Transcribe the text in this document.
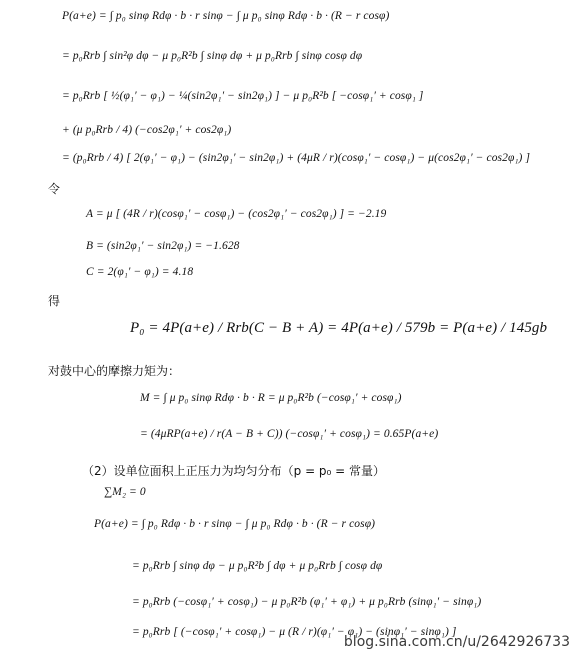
P(a+e) = ∫ p₀ sinφ Rdφ · b · r sinφ − ∫ μ p₀ sinφ Rdφ · b · (R − r cosφ)
= p₀Rrb ∫ sin²φ dφ − μ p₀R²b ∫ sinφ dφ + μ p₀Rrb ∫ sinφ cosφ dφ
= p₀Rrb [ ½(φ₁′ − φ₁) − ¼(sin2φ₁′ − sin2φ₁) ] − μ p₀R²b [ −cosφ₁′ + cosφ₁ ]
+ (μ p₀Rrb / 4) (−cos2φ₁′ + cos2φ₁)
= (p₀Rrb / 4) [ 2(φ₁′ − φ₁) − (sin2φ₁′ − sin2φ₁) + (4μR / r)(cosφ₁′ − cosφ₁) − μ(cos2φ₁′ − cos2φ₁) ]
令
A = μ [ (4R / r)(cosφ₁′ − cosφ₁) − (cos2φ₁′ − cos2φ₁) ] = −2.19
B = (sin2φ₁′ − sin2φ₁) = −1.628
C = 2(φ₁′ − φ₁) = 4.18
得
P₀ = 4P(a+e) / Rrb(C − B + A) = 4P(a+e) / 579b = P(a+e) / 145gb
对鼓中心的摩擦力矩为：
M = ∫ μ p₀ sinφ Rdφ · b · R = μ p₀R²b (−cosφ₁′ + cosφ₁)
= (4μRP(a+e) / r(A − B + C)) (−cosφ₁′ + cosφ₁) = 0.65P(a+e)
（2）设单位面积上正压力为均匀分布（p = p₀ = 常量）
∑M₂ = 0
P(a+e) = ∫ p₀ Rdφ · b · r sinφ − ∫ μ p₀ Rdφ · b · (R − r cosφ)
= p₀Rrb ∫ sinφ dφ − μ p₀R²b ∫ dφ + μ p₀Rrb ∫ cosφ dφ
= p₀Rrb (−cosφ₁′ + cosφ₁) − μ p₀R²b (φ₁′ + φ₁) + μ p₀Rrb (sinφ₁′ − sinφ₁)
= p₀Rrb [ (−cosφ₁′ + cosφ₁) − μ (R / r)(φ₁′ − φ₁) − (sinφ₁′ − sinφ₁) ]
blog.sina.com.cn/u/2642926733
